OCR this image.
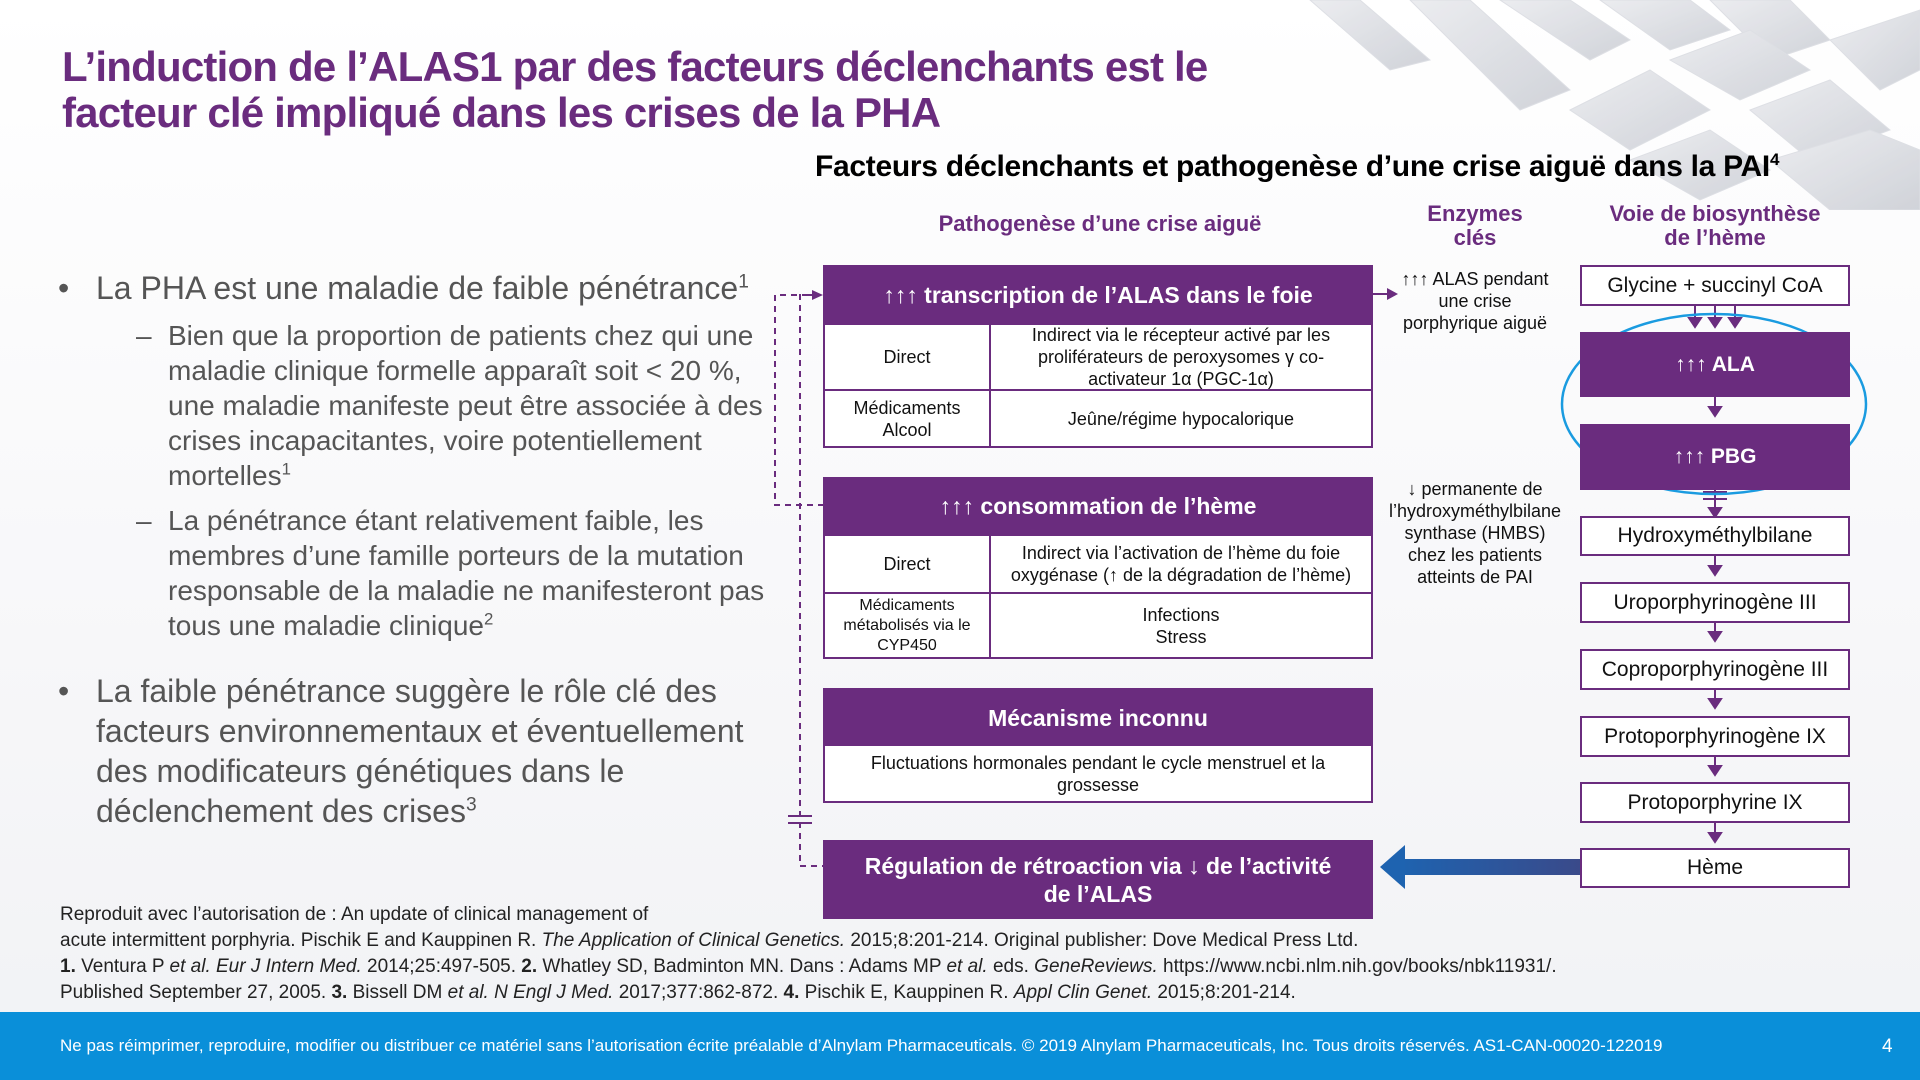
L’induction de l’ALAS1 par des facteurs déclenchants est le
facteur clé impliqué dans les crises de la PHA
Facteurs déclenchants et pathogenèse d’une crise aiguë dans la PAI$^4$
Pathogenèse d’une crise aiguë	Enzymes
clés
Voie de biosynthèse
de l’hème
• La PHA est une maladie de faible pénétrance$^1$
– Bien que la proportion de patients chez qui une maladie clinique formelle apparaît soit < 20 %, une maladie manifeste peut être associée à des crises incapacitantes, voire potentiellement mortelles$^1$
– La pénétrance étant relativement faible, les membres d’une famille porteurs de la mutation responsable de la maladie ne manifesteront pas tous une maladie clinique$^2$
• La faible pénétrance suggère le rôle clé des facteurs environnementaux et éventuellement des modificateurs génétiques dans le déclenchement des crises$^3$
↑↑↑ transcription de l’ALAS dans le foie
Direct
Indirect via le récepteur activé par les proliférateurs de peroxysomes γ co-activateur 1α (PGC-1α)
Médicaments
Alcool
Jeûne/régime hypocalorique
↑↑↑ consommation de l’hème
Direct
Indirect via l’activation de l’hème du foie oxygénase (↑ de la dégradation de l’hème)
Médicaments métabolisés via le CYP450
Infections
Stress
Mécanisme inconnu
Fluctuations hormonales pendant le cycle menstruel et la grossesse
Régulation de rétroaction via ↓ de l’activité
de l’ALAS
↑↑↑ ALAS pendant une crise porphyrique aiguë
↓ permanente de l’hydroxyméthylbilane synthase (HMBS) chez les patients atteints de PAI
Glycine + succinyl CoA
↑↑↑ ALA
↑↑↑ PBG
Hydroxyméthylbilane
Uroporphyrinogène III
Coproporphyrinogène III
Protoporphyrinogène IX
Protoporphyrine IX
Hème
Reproduit avec l’autorisation de : An update of clinical management of
acute intermittent porphyria. Pischik E and Kauppinen R. The Application of Clinical Genetics. 2015;8:201-214. Original publisher: Dove Medical Press Ltd.
1. Ventura P et al. Eur J Intern Med. 2014;25:497-505. 2. Whatley SD, Badminton MN. Dans : Adams MP et al. eds. GeneReviews. https://www.ncbi.nlm.nih.gov/books/nbk11931/.
Published September 27, 2005. 3. Bissell DM et al. N Engl J Med. 2017;377:862-872. 4. Pischik E, Kauppinen R. Appl Clin Genet. 2015;8:201-214.
Ne pas réimprimer, reproduire, modifier ou distribuer ce matériel sans l’autorisation écrite préalable d’Alnylam Pharmaceuticals. © 2019 Alnylam Pharmaceuticals, Inc. Tous droits réservés. AS1-CAN-00020-122019	4
